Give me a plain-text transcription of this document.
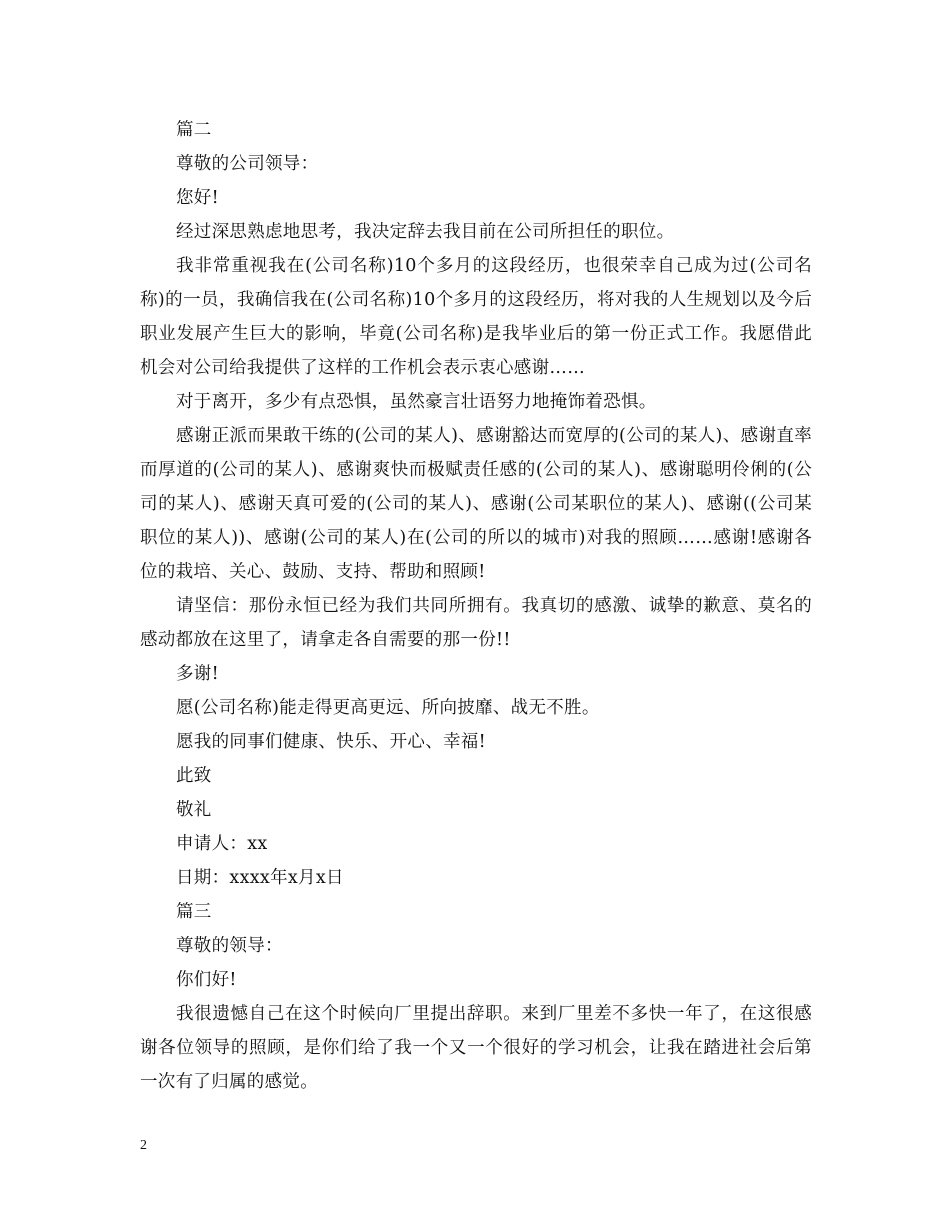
篇二

尊敬的公司领导：

您好!

经过深思熟虑地思考，我决定辞去我目前在公司所担任的职位。

我非常重视我在(公司名称)10个多月的这段经历，也很荣幸自己成为过(公司名称)的一员，我确信我在(公司名称)10个多月的这段经历，将对我的人生规划以及今后职业发展产生巨大的影响，毕竟(公司名称)是我毕业后的第一份正式工作。我愿借此机会对公司给我提供了这样的工作机会表示衷心感谢……

对于离开，多少有点恐惧，虽然豪言壮语努力地掩饰着恐惧。

感谢正派而果敢干练的(公司的某人)、感谢豁达而宽厚的(公司的某人)、感谢直率而厚道的(公司的某人)、感谢爽快而极赋责任感的(公司的某人)、感谢聪明伶俐的(公司的某人)、感谢天真可爱的(公司的某人)、感谢(公司某职位的某人)、感谢((公司某职位的某人))、感谢(公司的某人)在(公司的所以的城市)对我的照顾……感谢!感谢各位的栽培、关心、鼓励、支持、帮助和照顾!

请坚信：那份永恒已经为我们共同所拥有。我真切的感激、诚挚的歉意、莫名的感动都放在这里了，请拿走各自需要的那一份!!

多谢!

愿(公司名称)能走得更高更远、所向披靡、战无不胜。

愿我的同事们健康、快乐、开心、幸福!

此致

敬礼

申请人：xx

日期：xxxx年x月x日

篇三

尊敬的领导：

你们好!

我很遗憾自己在这个时候向厂里提出辞职。来到厂里差不多快一年了，在这很感谢各位领导的照顾，是你们给了我一个又一个很好的学习机会，让我在踏进社会后第一次有了归属的感觉。

2
